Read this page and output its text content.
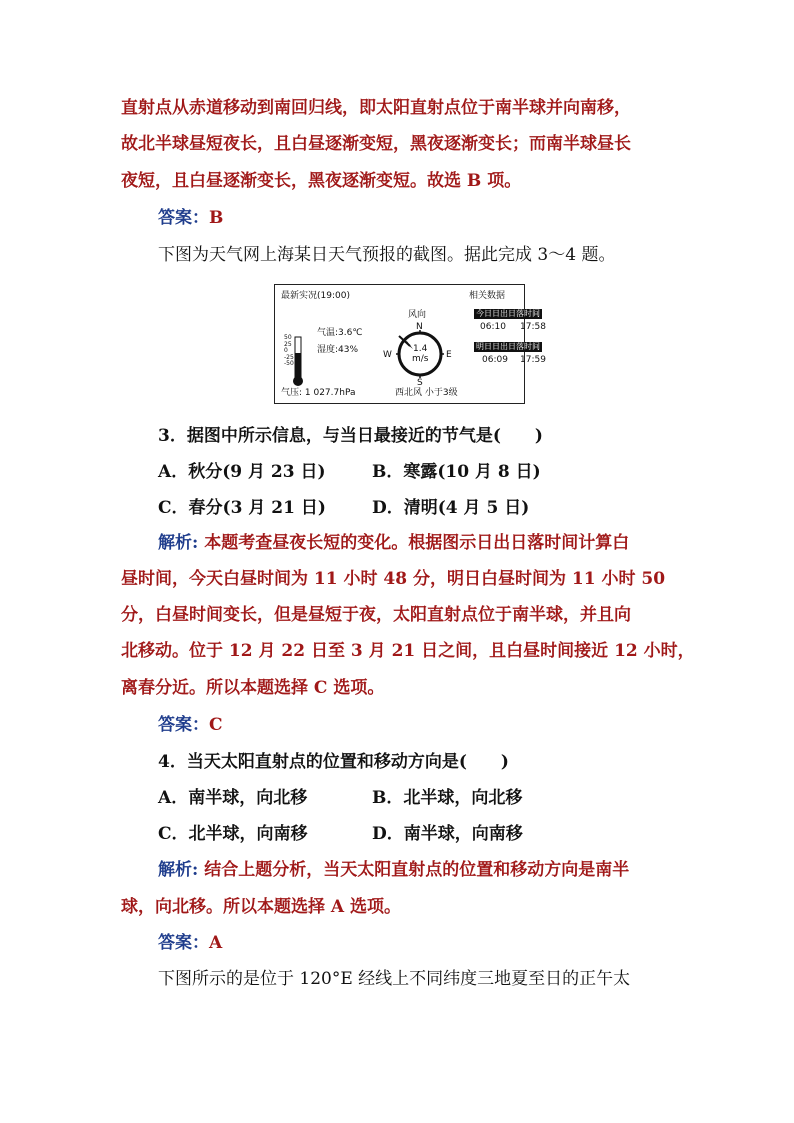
直射点从赤道移动到南回归线，即太阳直射点位于南半球并向南移，
故北半球昼短夜长，且白昼逐渐变短，黑夜逐渐变长；而南半球昼长
夜短，且白昼逐渐变长，黑夜逐渐变短。故选 B 项。
答案：B
下图为天气网上海某日天气预报的截图。据此完成 3～4 题。
最新实况(19:00)
气温:3.6℃
湿度:43%
50
25
0
-25
-50
风向
N
S
E
W
1.4
m/s
气压: 1 027.7hPa	西北风 小于3级
相关数据
今日日出日落时间
06:10 17:58
明日日出日落时间
06:09 17:59
3．据图中所示信息，与当日最接近的节气是(　　)
A．秋分(9 月 23 日)	B．寒露(10 月 8 日)
C．春分(3 月 21 日)	D．清明(4 月 5 日)
解析: 本题考查昼夜长短的变化。根据图示日出日落时间计算白
昼时间，今天白昼时间为 11 小时 48 分，明日白昼时间为 11 小时 50
分，白昼时间变长，但是昼短于夜，太阳直射点位于南半球，并且向
北移动。位于 12 月 22 日至 3 月 21 日之间，且白昼时间接近 12 小时，
离春分近。所以本题选择 C 选项。
答案：C
4．当天太阳直射点的位置和移动方向是(　　)
A．南半球，向北移	B．北半球，向北移
C．北半球，向南移	D．南半球，向南移
解析: 结合上题分析，当天太阳直射点的位置和移动方向是南半
球，向北移。所以本题选择 A 选项。
答案：A
下图所示的是位于 120°E 经线上不同纬度三地夏至日的正午太
